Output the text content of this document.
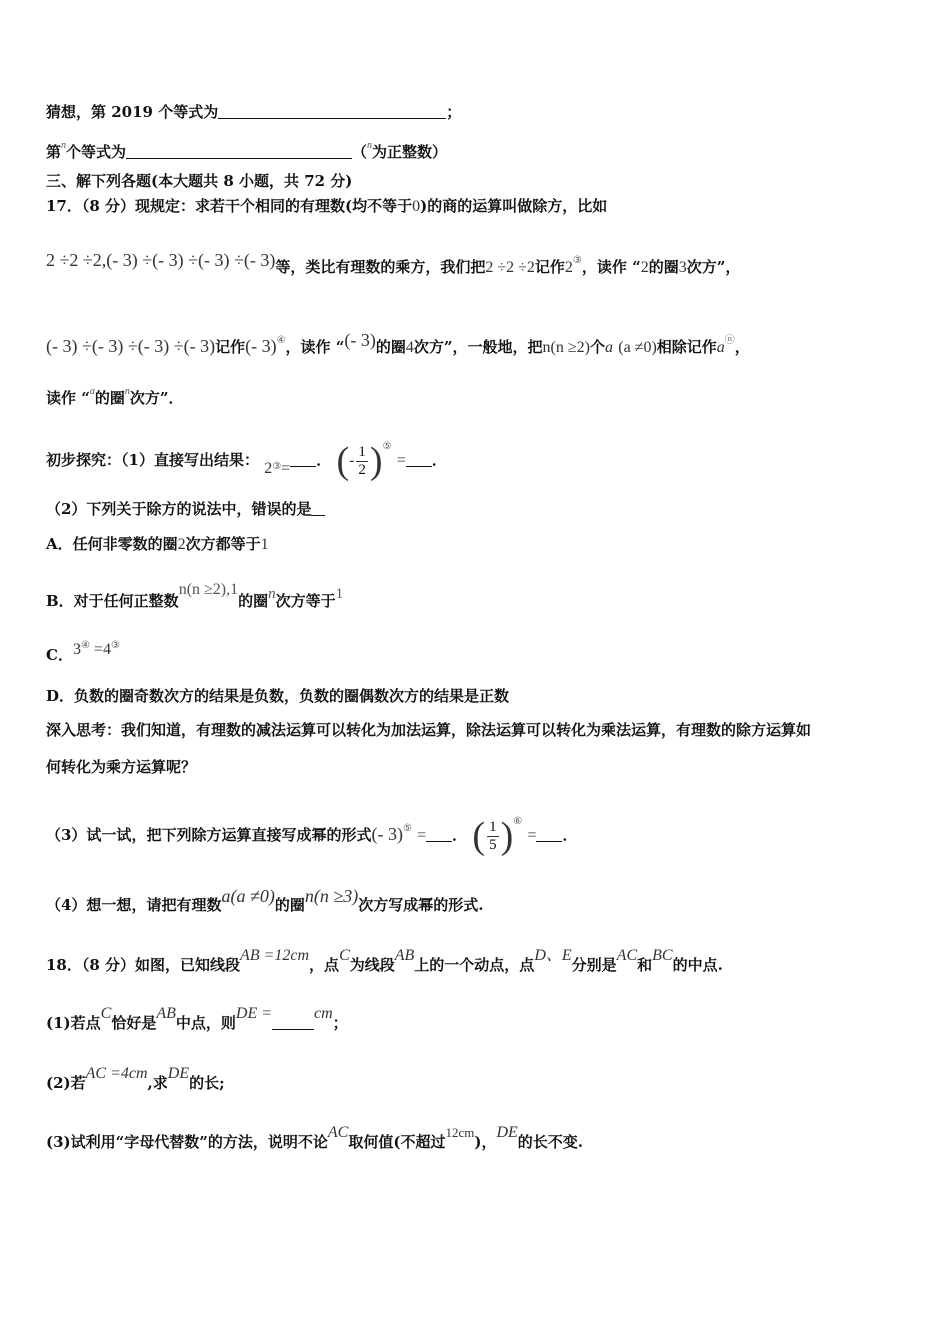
猜想，第 2019 个等式为	；
第$^n$个等式为	（$^n$为正整数）
三、解下列各题(本大题共 8 小题，共 72 分)
17．（8 分）现规定：求若干个相同的有理数(均不等于0)的商的运算叫做除方，比如
2 ÷2 ÷2,(- 3) ÷(- 3) ÷(- 3) ÷(- 3)等，类比有理数的乘方，我们把2 ÷2 ÷2记作2③，读作 “2的圈3次方”，
(- 3) ÷(- 3) ÷(- 3) ÷(- 3)记作(- 3)④，读作 “(- 3)的圈4次方”，一般地，把n(n ≥2)个a (a ≠0)相除记作aⓝ，
读作 “$^a$的圈$^n$次方”．
初步探究：（1）直接写出结果： $2_③=$ ． (- $\frac{1}{2} )^⑤$ = ．
（2）下列关于除方的说法中，错误的是
A．任何非零数的圈2次方都等于1
B．对于任何正整数n(n ≥2),1的圈n次方等于1
C．3④ =4③
D．负数的圈奇数次方的结果是负数，负数的圈偶数次方的结果是正数
深入思考：我们知道，有理数的减法运算可以转化为加法运算，除法运算可以转化为乘法运算，有理数的除方运算如
何转化为乘方运算呢？
（3）试一试，把下列除方运算直接写成幂的形式(- 3)⑤ = ． ( $\frac{1}{5} )^⑥$ = ．
（4）想一想，请把有理数a(a ≠0)的圈n(n ≥3)次方写成幂的形式.
18．（8 分）如图，已知线段AB =12cm，点C为线段AB上的一个动点，点D、E分别是AC和BC的中点.
(1)若点C恰好是AB中点，则DE =	cm；
(2)若AC =4cm,求DE的长;
(3)试利用“字母代替数”的方法，说明不论AC取何值(不超过12cm)，DE的长不变.
